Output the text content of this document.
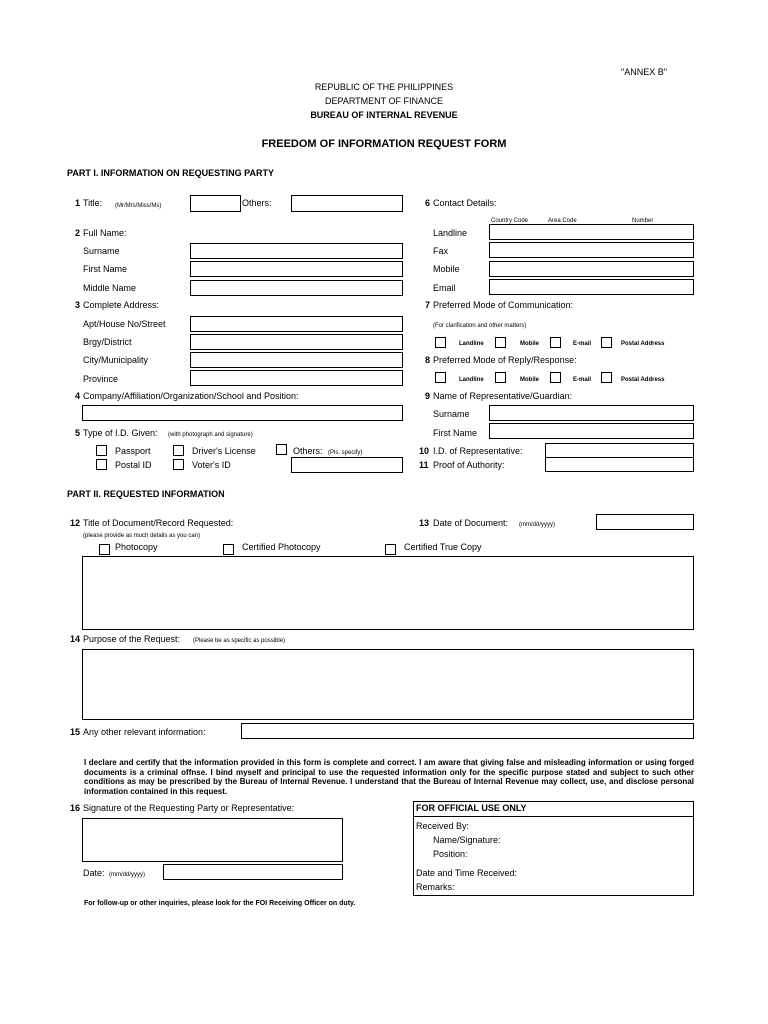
"ANNEX B"
REPUBLIC OF THE PHILIPPINES
DEPARTMENT OF FINANCE
BUREAU OF INTERNAL REVENUE
FREEDOM OF INFORMATION REQUEST FORM
PART I. INFORMATION ON REQUESTING PARTY
1 Title: (Mr/Mrs/Miss/Ms)	Others:
2 Full Name:
Surname
First Name
Middle Name
3 Complete Address:
Apt/House No/Street
Brgy/District
City/Municipality
Province
4 Company/Affiliation/Organization/School and Position:
5 Type of I.D. Given: (with photograph and signature)
Passport	Driver's License	Others: (Pls. specify)
Postal ID	Voter's ID
6 Contact Details:
Country Code	Area Code	Number
Landline
Fax
Mobile
Email
7 Preferred Mode of Communication:
(For clarification and other matters)
Landline	Mobile	E-mail	Postal Address
8 Preferred Mode of Reply/Response:
Landline	Mobile	E-mail	Postal Address
9 Name of Representative/Guardian:
Surname
First Name
10 I.D. of Representative:
11 Proof of Authority:
PART II. REQUESTED INFORMATION
12 Title of Document/Record Requested:
(please provide as much details as you can)
Photocopy	Certified Photocopy	Certified True Copy
13 Date of Document: (mm/dd/yyyy)
14 Purpose of the Request: (Please be as specific as possible)
15 Any other relevant information:
I declare and certify that the information provided in this form is complete and correct. I am aware that giving false and misleading information or using forged documents is a criminal offnse. I bind myself and principal to use the requested information only for the specific purpose stated and subject to such other conditions as may be prescribed by the Bureau of Internal Revenue. I understand that the Bureau of Internal Revenue may collect, use, and disclose personal information contained in this request.
16 Signature of the Requesting Party or Representative:
Date: (mm/dd/yyyy)
For follow-up or other inquiries, please look for the FOI Receiving Officer on duty.
FOR OFFICIAL USE ONLY
Received By:
Name/Signature:
Position:
Date and Time Received:
Remarks:
